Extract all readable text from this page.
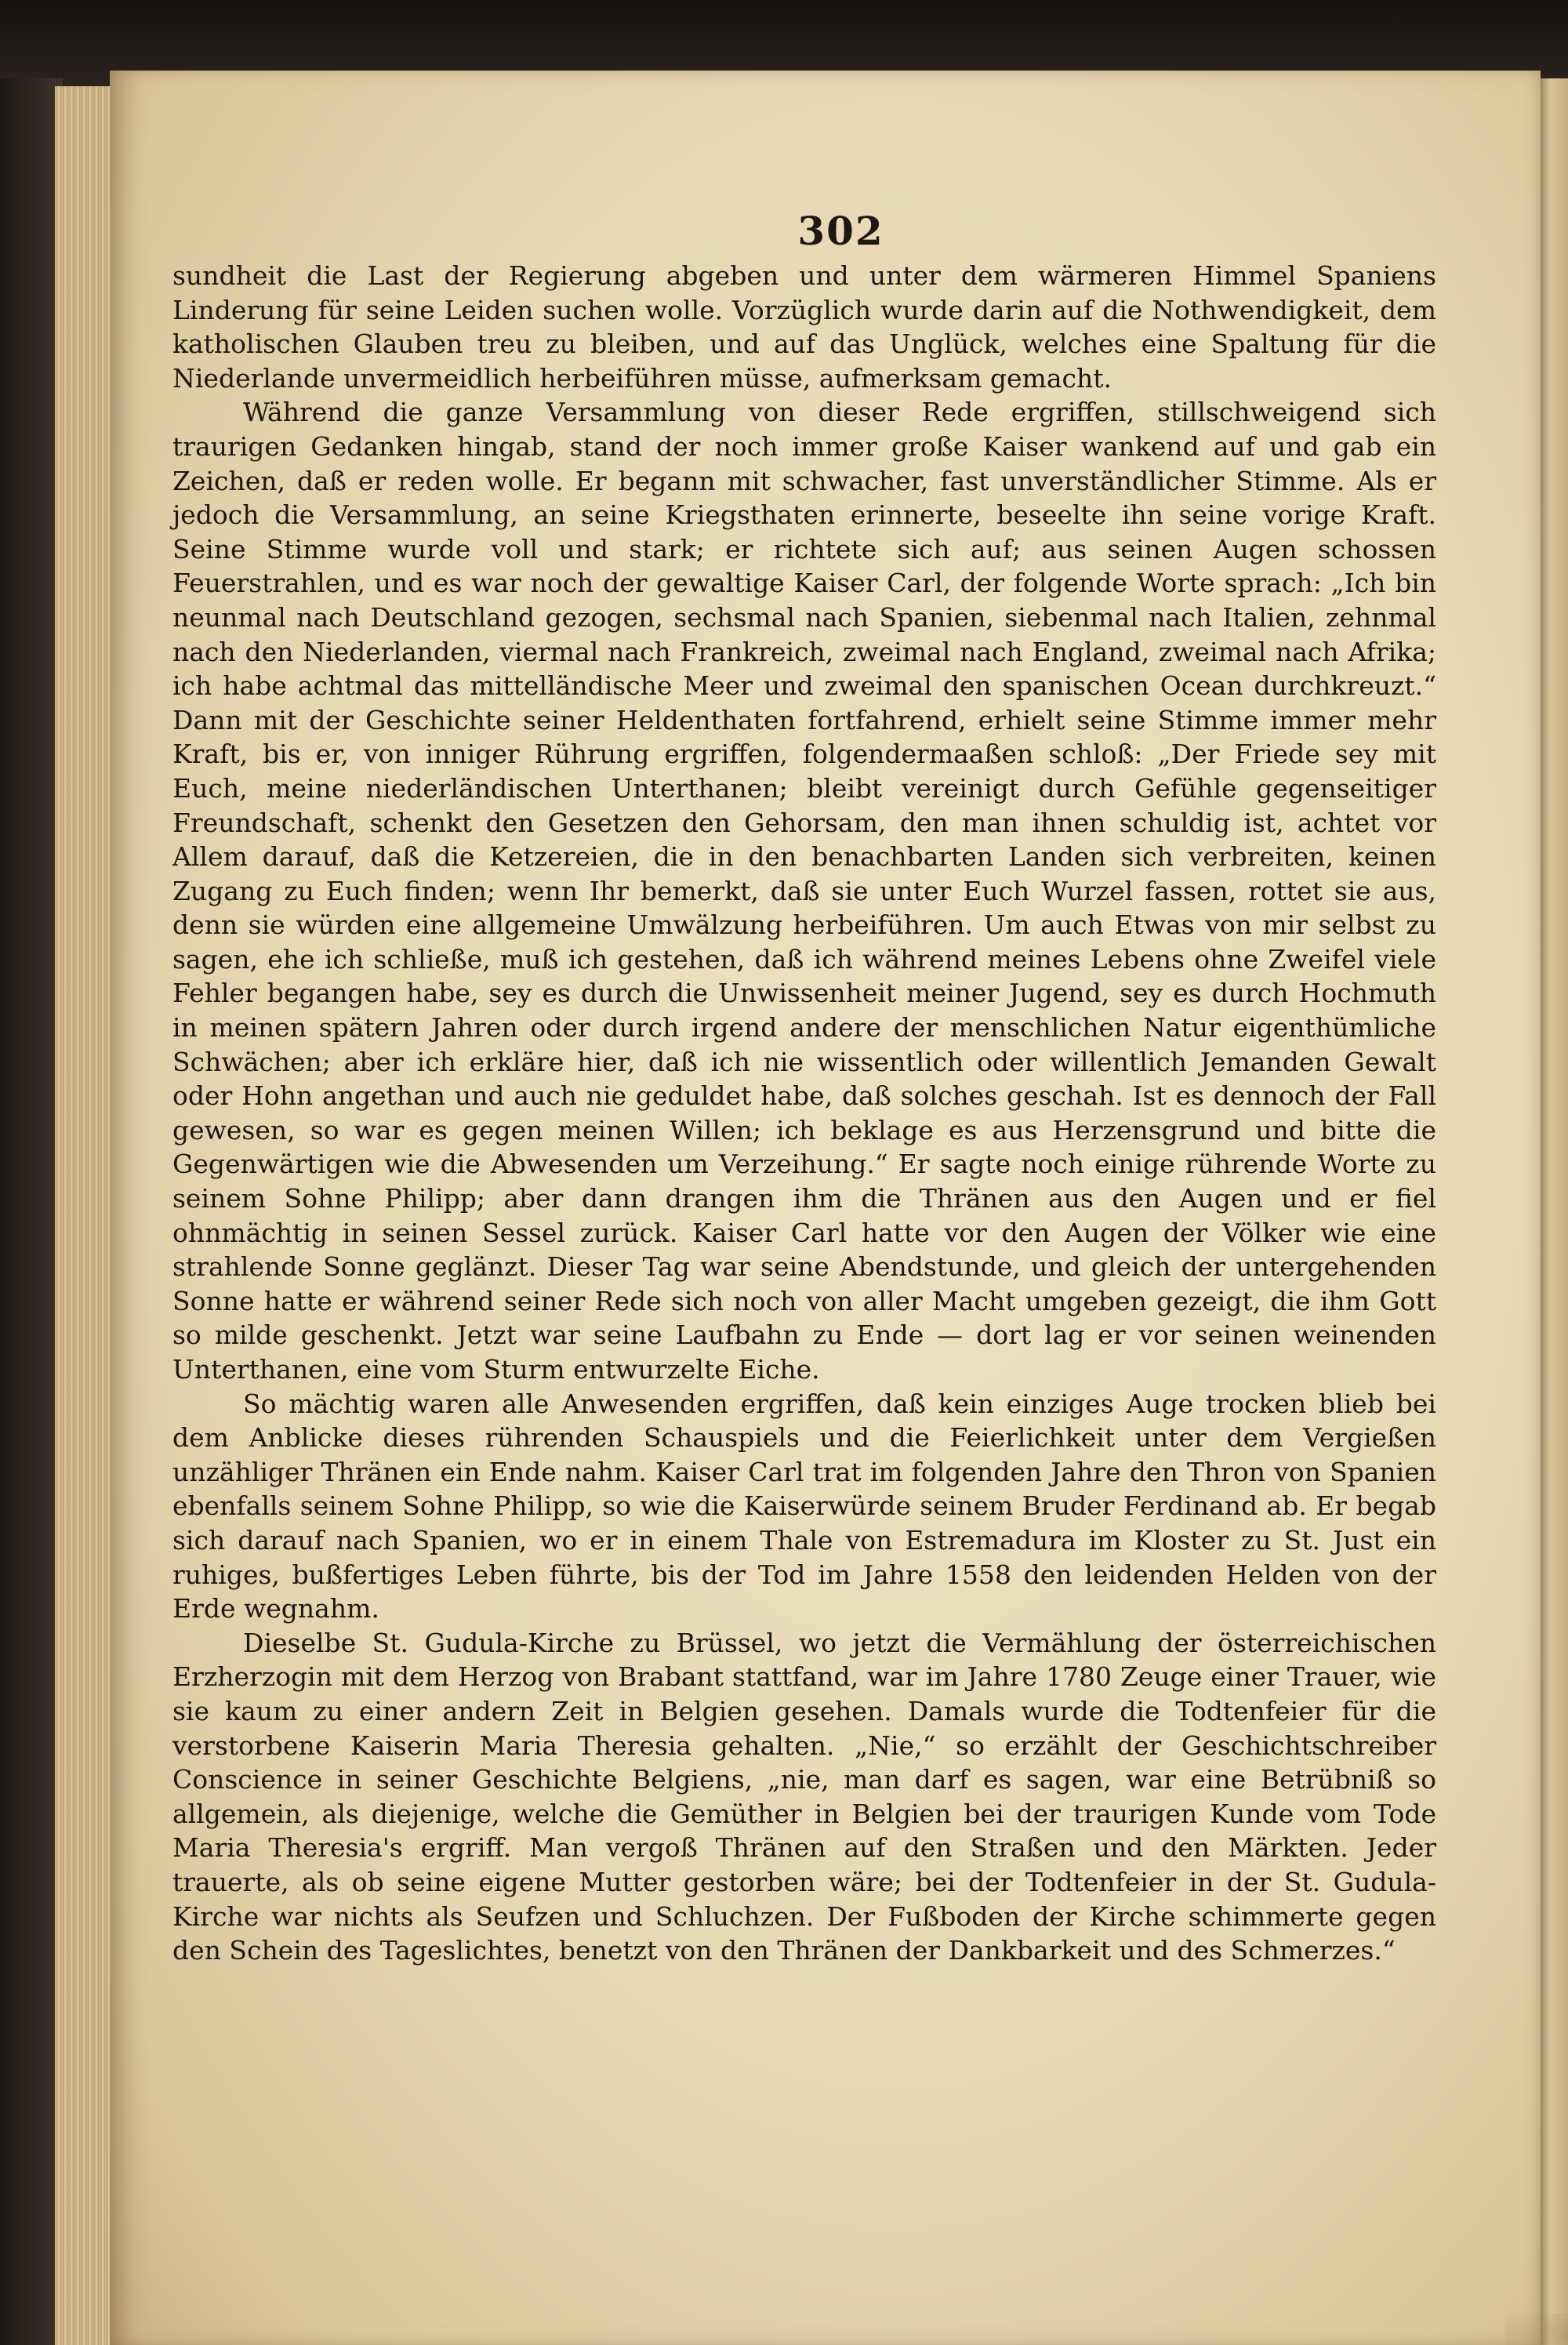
302

sundheit die Last der Regierung abgeben und unter dem wärmeren Himmel Spaniens Linderung für seine Leiden suchen wolle. Vorzüglich wurde darin auf die Nothwendigkeit, dem katholischen Glauben treu zu bleiben, und auf das Unglück, welches eine Spaltung für die Niederlande unvermeidlich herbeiführen müsse, aufmerksam gemacht.

Während die ganze Versammlung von dieser Rede ergriffen, stillschweigend sich traurigen Gedanken hingab, stand der noch immer große Kaiser wankend auf und gab ein Zeichen, daß er reden wolle. Er begann mit schwacher, fast unverständlicher Stimme. Als er jedoch die Versammlung, an seine Kriegsthaten erinnerte, beseelte ihn seine vorige Kraft. Seine Stimme wurde voll und stark; er richtete sich auf; aus seinen Augen schossen Feuerstrahlen, und es war noch der gewaltige Kaiser Carl, der folgende Worte sprach: „Ich bin neunmal nach Deutschland gezogen, sechsmal nach Spanien, siebenmal nach Italien, zehnmal nach den Niederlanden, viermal nach Frankreich, zweimal nach England, zweimal nach Afrika; ich habe achtmal das mittelländische Meer und zweimal den spanischen Ocean durchkreuzt.“ Dann mit der Geschichte seiner Heldenthaten fortfahrend, erhielt seine Stimme immer mehr Kraft, bis er, von inniger Rührung ergriffen, folgendermaaßen schloß: „Der Friede sey mit Euch, meine niederländischen Unterthanen; bleibt vereinigt durch Gefühle gegenseitiger Freundschaft, schenkt den Gesetzen den Gehorsam, den man ihnen schuldig ist, achtet vor Allem darauf, daß die Ketzereien, die in den benachbarten Landen sich verbreiten, keinen Zugang zu Euch finden; wenn Ihr bemerkt, daß sie unter Euch Wurzel fassen, rottet sie aus, denn sie würden eine allgemeine Umwälzung herbeiführen. Um auch Etwas von mir selbst zu sagen, ehe ich schließe, muß ich gestehen, daß ich während meines Lebens ohne Zweifel viele Fehler begangen habe, sey es durch die Unwissenheit meiner Jugend, sey es durch Hochmuth in meinen spätern Jahren oder durch irgend andere der menschlichen Natur eigenthümliche Schwächen; aber ich erkläre hier, daß ich nie wissentlich oder willentlich Jemanden Gewalt oder Hohn angethan und auch nie geduldet habe, daß solches geschah. Ist es dennoch der Fall gewesen, so war es gegen meinen Willen; ich beklage es aus Herzensgrund und bitte die Gegenwärtigen wie die Abwesenden um Verzeihung.“ Er sagte noch einige rührende Worte zu seinem Sohne Philipp; aber dann drangen ihm die Thränen aus den Augen und er fiel ohnmächtig in seinen Sessel zurück. Kaiser Carl hatte vor den Augen der Völker wie eine strahlende Sonne geglänzt. Dieser Tag war seine Abendstunde, und gleich der untergehenden Sonne hatte er während seiner Rede sich noch von aller Macht umgeben gezeigt, die ihm Gott so milde geschenkt. Jetzt war seine Laufbahn zu Ende — dort lag er vor seinen weinenden Unterthanen, eine vom Sturm entwurzelte Eiche.

So mächtig waren alle Anwesenden ergriffen, daß kein einziges Auge trocken blieb bei dem Anblicke dieses rührenden Schauspiels und die Feierlichkeit unter dem Vergießen unzähliger Thränen ein Ende nahm. Kaiser Carl trat im folgenden Jahre den Thron von Spanien ebenfalls seinem Sohne Philipp, so wie die Kaiserwürde seinem Bruder Ferdinand ab. Er begab sich darauf nach Spanien, wo er in einem Thale von Estremadura im Kloster zu St. Just ein ruhiges, bußfertiges Leben führte, bis der Tod im Jahre 1558 den leidenden Helden von der Erde wegnahm.

Dieselbe St. Gudula-Kirche zu Brüssel, wo jetzt die Vermählung der österreichischen Erzherzogin mit dem Herzog von Brabant stattfand, war im Jahre 1780 Zeuge einer Trauer, wie sie kaum zu einer andern Zeit in Belgien gesehen. Damals wurde die Todtenfeier für die verstorbene Kaiserin Maria Theresia gehalten. „Nie,“ so erzählt der Geschichtschreiber Conscience in seiner Geschichte Belgiens, „nie, man darf es sagen, war eine Betrübniß so allgemein, als diejenige, welche die Gemüther in Belgien bei der traurigen Kunde vom Tode Maria Theresia's ergriff. Man vergoß Thränen auf den Straßen und den Märkten. Jeder trauerte, als ob seine eigene Mutter gestorben wäre; bei der Todtenfeier in der St. Gudula-Kirche war nichts als Seufzen und Schluchzen. Der Fußboden der Kirche schimmerte gegen den Schein des Tageslichtes, benetzt von den Thränen der Dankbarkeit und des Schmerzes.“
